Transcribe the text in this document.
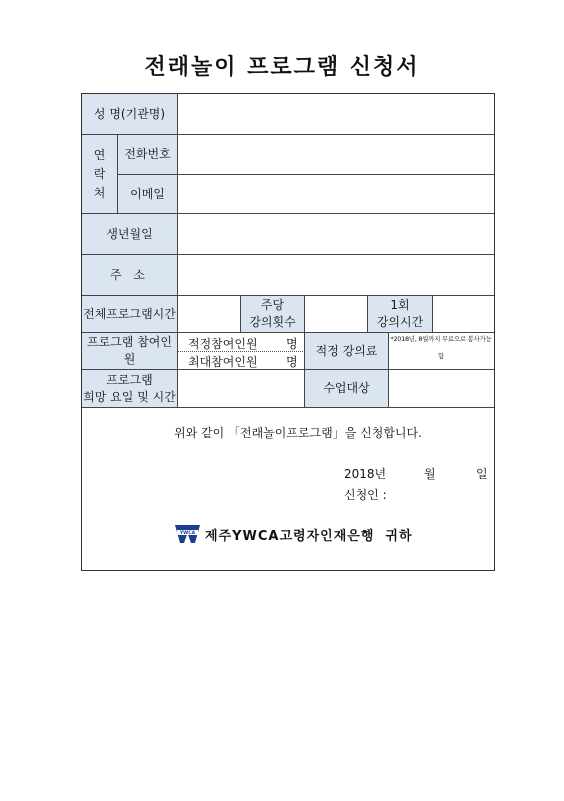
전래놀이 프로그램 신청서
성 명(기관명)
연
락
처
전화번호
이메일
생년월일
주 소
전체프로그램시간
주당
강의횟수
1회
강의시간
프로그램 참여인원
적정참여인원 명
최대참여인원 명
적정 강의료
*2018년, 8월까지 무료으로 봉사가능함
프로그램
희망 요일 및 시간
수업대상
위와 같이 「전래놀이프로그램」을 신청합니다.
2018년	월	일
신청인 :
YWCA 제주YWCA고령자인재은행  귀하
